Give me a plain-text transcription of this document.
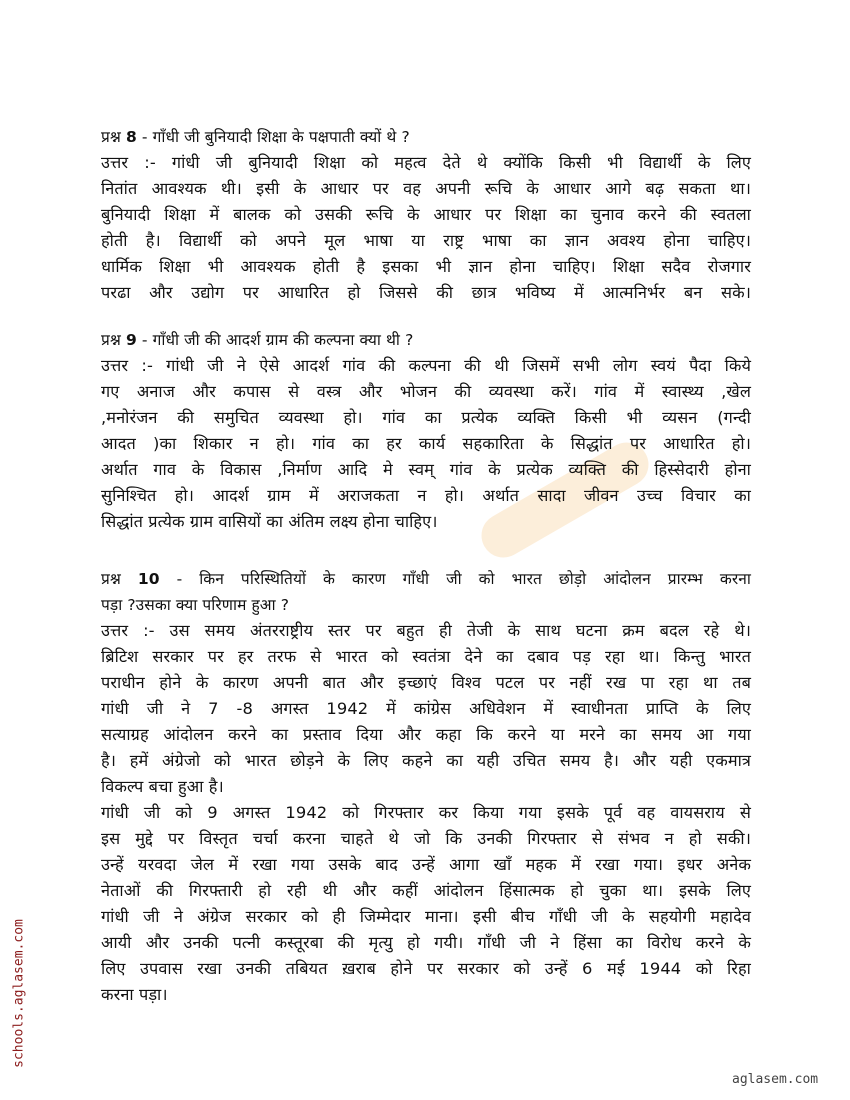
प्रश्न 8 - गाँधी जी बुनियादी शिक्षा के पक्षपाती क्यों थे ?
उत्तर :- गांधी जी बुनियादी शिक्षा को महत्व देते थे क्योंकि किसी भी विद्यार्थी के लिए
नितांत आवश्यक थी। इसी के आधार पर वह अपनी रूचि के आधार आगे बढ़ सकता था।
बुनियादी शिक्षा में बालक को उसकी रूचि के आधार पर शिक्षा का चुनाव करने की स्वतला
होती है। विद्यार्थी को अपने मूल भाषा या राष्ट्र भाषा का ज्ञान अवश्य होना चाहिए।
धार्मिक शिक्षा भी आवश्यक होती है इसका भी ज्ञान होना चाहिए। शिक्षा सदैव रोजगार
परढा और उद्योग पर आधारित हो जिससे की छात्र भविष्य में आत्मनिर्भर बन सके।
प्रश्न 9 - गाँधी जी की आदर्श ग्राम की कल्पना क्या थी ?
उत्तर :- गांधी जी ने ऐसे आदर्श गांव की कल्पना की थी जिसमें सभी लोग स्वयं पैदा किये
गए अनाज और कपास से वस्त्र और भोजन की व्यवस्था करें। गांव में स्वास्थ्य ,खेल
,मनोरंजन की समुचित व्यवस्था हो। गांव का प्रत्येक व्यक्ति किसी भी व्यसन (गन्दी
आदत )का शिकार न हो। गांव का हर कार्य सहकारिता के सिद्धांत पर आधारित हो।
अर्थात गाव के विकास ,निर्माण आदि मे स्वम् गांव के प्रत्येक व्यक्ति की हिस्सेदारी होना
सुनिश्चित हो। आदर्श ग्राम में अराजकता न हो। अर्थात सादा जीवन उच्च विचार का
सिद्धांत प्रत्येक ग्राम वासियों का अंतिम लक्ष्य होना चाहिए।
प्रश्न 10 - किन परिस्थितियों के कारण गाँधी जी को भारत छोड़ो आंदोलन प्रारम्भ करना
पड़ा ?उसका क्या परिणाम हुआ ?
उत्तर :- उस समय अंतरराष्ट्रीय स्तर पर बहुत ही तेजी के साथ घटना क्रम बदल रहे थे।
ब्रिटिश सरकार पर हर तरफ से भारत को स्वतंत्रा देने का दबाव पड़ रहा था। किन्तु भारत
पराधीन होने के कारण अपनी बात और इच्छाएं विश्व पटल पर नहीं रख पा रहा था तब
गांधी जी ने 7 -8 अगस्त 1942 में कांग्रेस अधिवेशन में स्वाधीनता प्राप्ति के लिए
सत्याग्रह आंदोलन करने का प्रस्ताव दिया और कहा कि करने या मरने का समय आ गया
है। हमें अंग्रेजो को भारत छोड़ने के लिए कहने का यही उचित समय है। और यही एकमात्र
विकल्प बचा हुआ है।
गांधी जी को 9 अगस्त 1942 को गिरफ्तार कर किया गया इसके पूर्व वह वायसराय से
इस मुद्दे पर विस्तृत चर्चा करना चाहते थे जो कि उनकी गिरफ्तार से संभव न हो सकी।
उन्हें यरवदा जेल में रखा गया उसके बाद उन्हें आगा खाँ महक में रखा गया। इधर अनेक
नेताओं की गिरफ्तारी हो रही थी और कहीं आंदोलन हिंसात्मक हो चुका था। इसके लिए
गांधी जी ने अंग्रेज सरकार को ही जिम्मेदार माना। इसी बीच गाँधी जी के सहयोगी महादेव
आयी और उनकी पत्नी कस्तूरबा की मृत्यु हो गयी। गाँधी जी ने हिंसा का विरोध करने के
लिए उपवास रखा उनकी तबियत ख़राब होने पर सरकार को उन्हें 6 मई 1944 को रिहा
करना पड़ा।
schools.aglasem.com
aglasem.com
